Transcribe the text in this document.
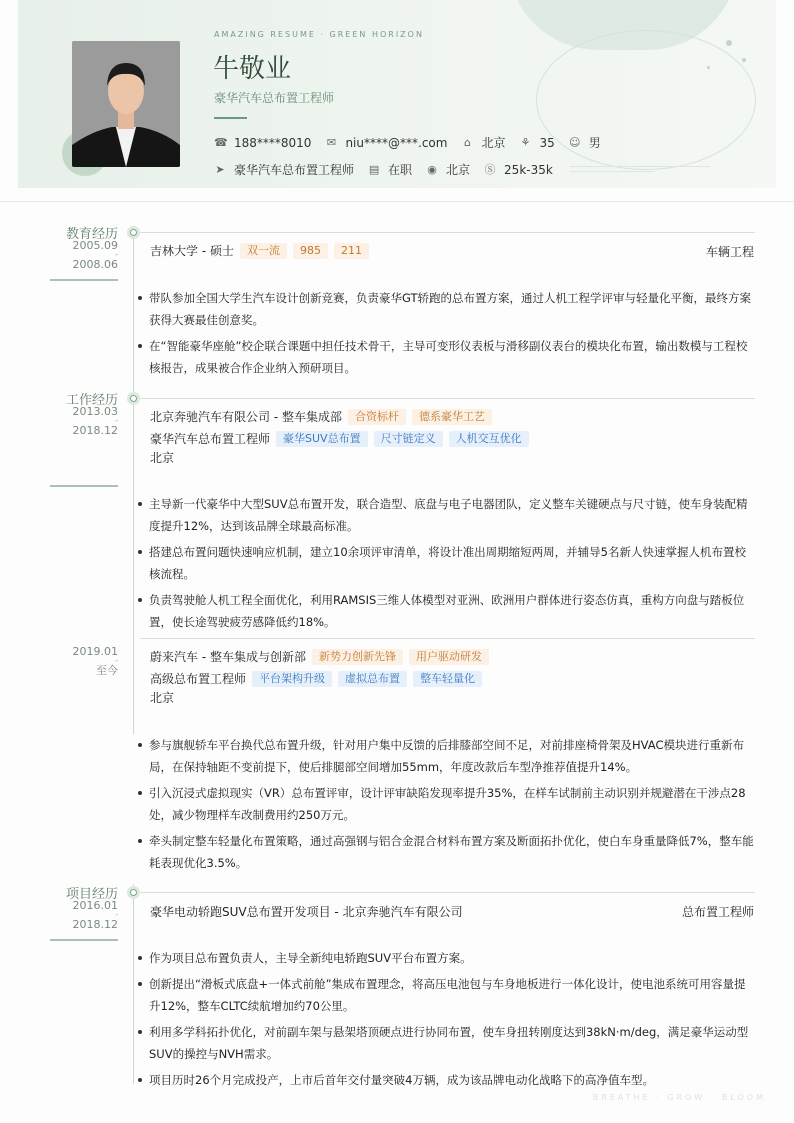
AMAZING RESUME · GREEN HORIZON
牛敬业
豪华汽车总布置工程师
☎ 188****8010 ✉ niu****@***.com ⌂ 北京 ⚘ 35 ☺ 男
➤ 豪华汽车总布置工程师 ▤ 在职 ◉ 北京 Ⓢ 25k-35k
教育经历
2005.09
-
2008.06
吉林大学 - 硕士	双一流	985	211	车辆工程
带队参加全国大学生汽车设计创新竞赛，负责豪华GT轿跑的总布置方案，通过人机工程学评审与轻量化平衡，最终方案获得大赛最佳创意奖。
在“智能豪华座舱”校企联合课题中担任技术骨干，主导可变形仪表板与滑移副仪表台的模块化布置，输出数模与工程校核报告，成果被合作企业纳入预研项目。
工作经历
2013.03
-
2018.12
北京奔驰汽车有限公司 - 整车集成部	合资标杆	德系豪华工艺
豪华汽车总布置工程师	豪华SUV总布置	尺寸链定义	人机交互优化
北京
主导新一代豪华中大型SUV总布置开发，联合造型、底盘与电子电器团队，定义整车关键硬点与尺寸链，使车身装配精度提升12%，达到该品牌全球最高标准。
搭建总布置问题快速响应机制，建立10余项评审清单，将设计准出周期缩短两周，并辅导5名新人快速掌握人机布置校核流程。
负责驾驶舱人机工程全面优化，利用RAMSIS三维人体模型对亚洲、欧洲用户群体进行姿态仿真，重构方向盘与踏板位置，使长途驾驶疲劳感降低约18%。
2019.01
-
至今
蔚来汽车 - 整车集成与创新部	新势力创新先锋	用户驱动研发
高级总布置工程师	平台架构升级	虚拟总布置	整车轻量化
北京
参与旗舰轿车平台换代总布置升级，针对用户集中反馈的后排膝部空间不足，对前排座椅骨架及HVAC模块进行重新布局，在保持轴距不变前提下，使后排腿部空间增加55mm，年度改款后车型净推荐值提升14%。
引入沉浸式虚拟现实（VR）总布置评审，设计评审缺陷发现率提升35%，在样车试制前主动识别并规避潜在干涉点28处，减少物理样车改制费用约250万元。
牵头制定整车轻量化布置策略，通过高强钢与铝合金混合材料布置方案及断面拓扑优化，使白车身重量降低7%，整车能耗表现优化3.5%。
项目经历
2016.01
-
2018.12
豪华电动轿跑SUV总布置开发项目 - 北京奔驰汽车有限公司	总布置工程师
作为项目总布置负责人，主导全新纯电轿跑SUV平台布置方案。
创新提出“滑板式底盘+一体式前舱”集成布置理念，将高压电池包与车身地板进行一体化设计，使电池系统可用容量提升12%，整车CLTC续航增加约70公里。
利用多学科拓扑优化，对前副车架与悬架塔顶硬点进行协同布置，使车身扭转刚度达到38kN·m/deg，满足豪华运动型SUV的操控与NVH需求。
项目历时26个月完成投产，上市后首年交付量突破4万辆，成为该品牌电动化战略下的高净值车型。
BREATHE · GROW · BLOOM
